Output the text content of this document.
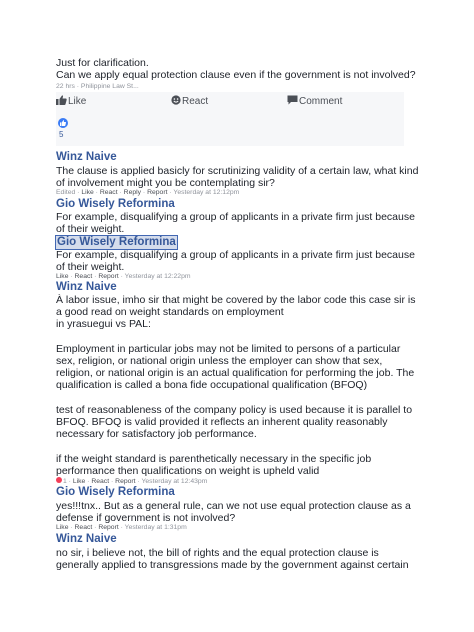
Just for clarification.
Can we apply equal protection clause even if the government is not involved?
22 hrs · Philippine Law St...
Like	React	Comment
5
Winz Naive
The clause is applied basicly for scrutinizing validity of a certain law, what kind
of involvement might you be contemplating sir?
Edited · Like · React · Reply · Report · Yesterday at 12:12pm
Gio Wisely Reformina
For example, disqualifying a group of applicants in a private firm just because
of their weight.
Gio Wisely Reformina
For example, disqualifying a group of applicants in a private firm just because
of their weight.
Like · React · Report · Yesterday at 12:22pm
Winz Naive
À labor issue, imho sir that might be covered by the labor code this case sir is
a good read on weight standards on employment
in yrasuegui vs PAL:
Employment in particular jobs may not be limited to persons of a particular
sex, religion, or national origin unless the employer can show that sex,
religion, or national origin is an actual qualification for performing the job. The
qualification is called a bona fide occupational qualification (BFOQ)
test of reasonableness of the company policy is used because it is parallel to
BFOQ. BFOQ is valid provided it reflects an inherent quality reasonably
necessary for satisfactory job performance.
if the weight standard is parenthetically necessary in the specific job
performance then qualifications on weight is upheld valid
1 · Like · React · Report · Yesterday at 12:43pm
Gio Wisely Reformina
yes!!!tnx.. But as a general rule, can we not use equal protection clause as a
defense if government is not involved?
Like · React · Report · Yesterday at 1:31pm
Winz Naive
no sir, i believe not, the bill of rights and the equal protection clause is
generally applied to transgressions made by the government against certain
